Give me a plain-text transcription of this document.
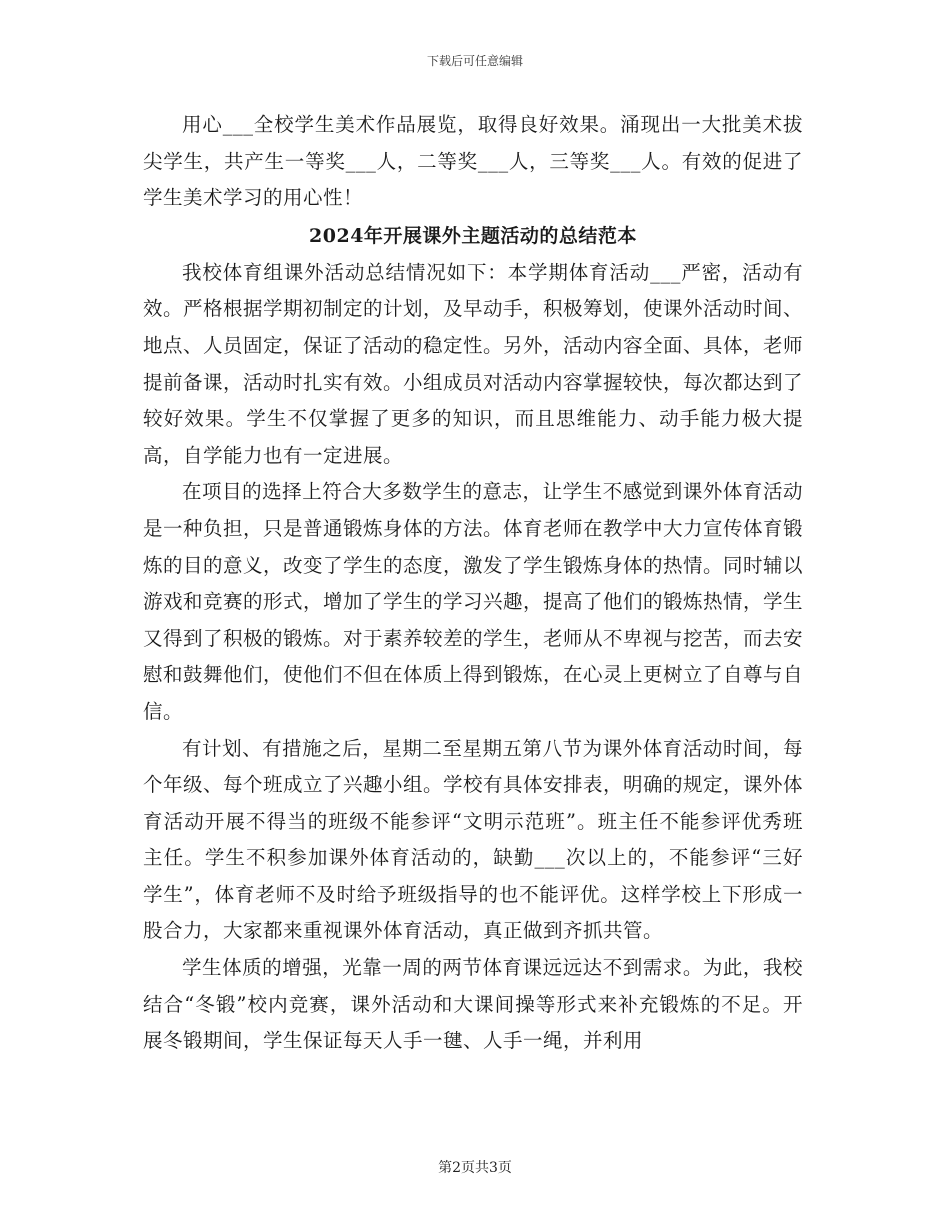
下载后可任意编辑

用心___全校学生美术作品展览，取得良好效果。涌现出一大批美术拔尖学生，共产生一等奖___人，二等奖___人，三等奖___人。有效的促进了学生美术学习的用心性！

2024年开展课外主题活动的总结范本

我校体育组课外活动总结情况如下：本学期体育活动___严密，活动有效。严格根据学期初制定的计划，及早动手，积极筹划，使课外活动时间、地点、人员固定，保证了活动的稳定性。另外，活动内容全面、具体，老师提前备课，活动时扎实有效。小组成员对活动内容掌握较快，每次都达到了较好效果。学生不仅掌握了更多的知识，而且思维能力、动手能力极大提高，自学能力也有一定进展。

在项目的选择上符合大多数学生的意志，让学生不感觉到课外体育活动是一种负担，只是普通锻炼身体的方法。体育老师在教学中大力宣传体育锻炼的目的意义，改变了学生的态度，激发了学生锻炼身体的热情。同时辅以游戏和竞赛的形式，增加了学生的学习兴趣，提高了他们的锻炼热情，学生又得到了积极的锻炼。对于素养较差的学生，老师从不卑视与挖苦，而去安慰和鼓舞他们，使他们不但在体质上得到锻炼，在心灵上更树立了自尊与自信。

有计划、有措施之后，星期二至星期五第八节为课外体育活动时间，每个年级、每个班成立了兴趣小组。学校有具体安排表，明确的规定，课外体育活动开展不得当的班级不能参评“文明示范班”。班主任不能参评优秀班主任。学生不积参加课外体育活动的，缺勤___次以上的，不能参评“三好学生”，体育老师不及时给予班级指导的也不能评优。这样学校上下形成一股合力，大家都来重视课外体育活动，真正做到齐抓共管。

学生体质的增强，光靠一周的两节体育课远远达不到需求。为此，我校结合“冬锻”校内竞赛，课外活动和大课间操等形式来补充锻炼的不足。开展冬锻期间，学生保证每天人手一毽、人手一绳，并利用

第2页共3页
